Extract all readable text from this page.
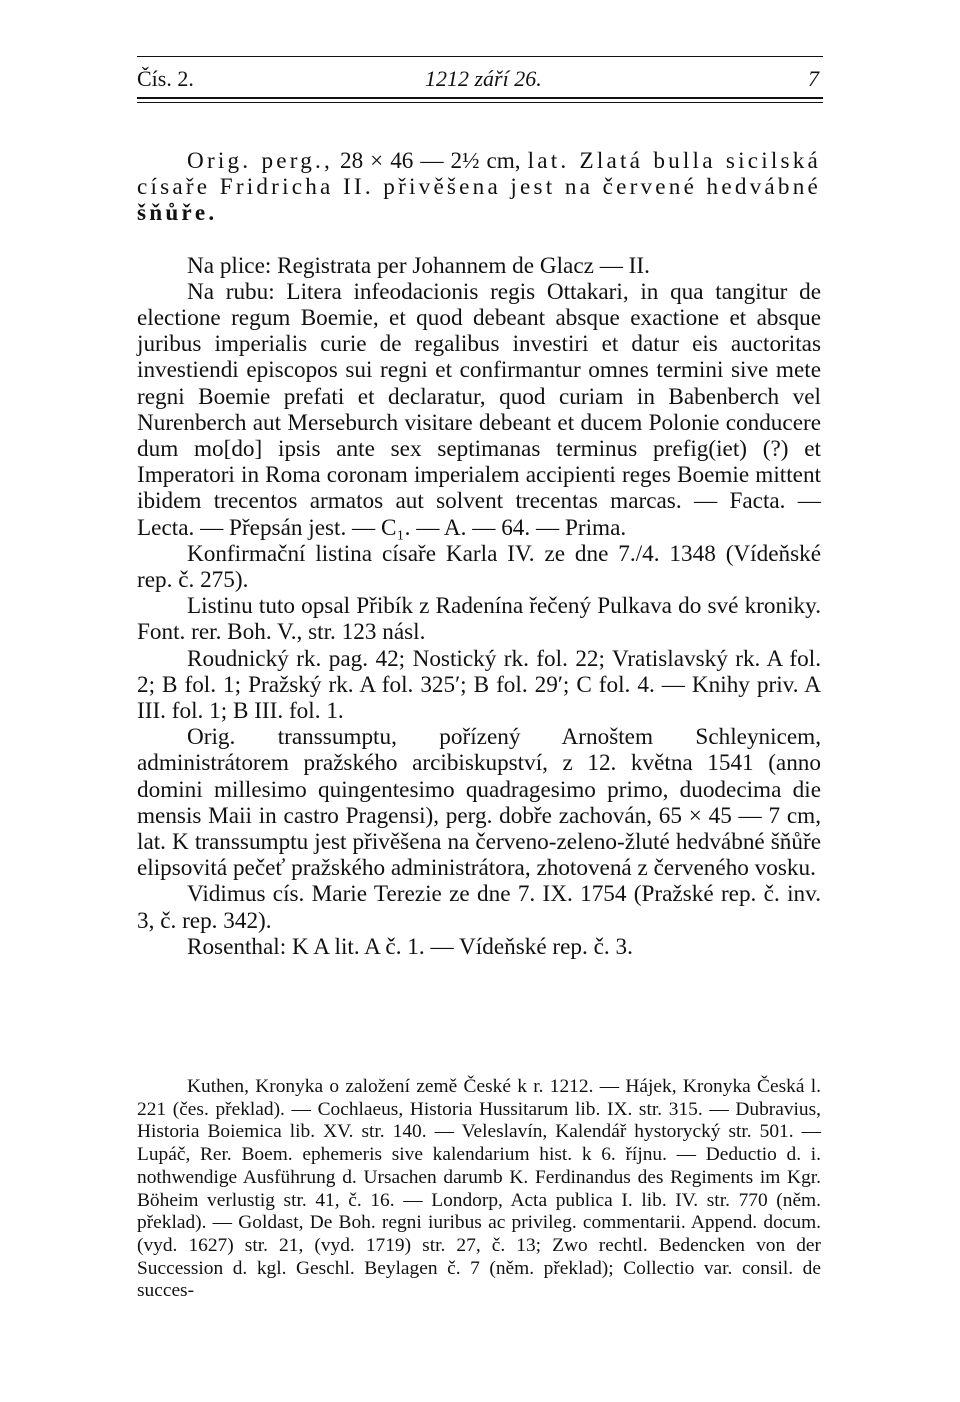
Čís. 2.	1212 září 26.	7

Orig. perg., 28 × 46 — 2½ cm, lat. Zlatá bulla sicilská císaře Fridricha II. přivěšena jest na červené hedvábné šňůře.

Na plice: Registrata per Johannem de Glacz — II.

Na rubu: Litera infeodacionis regis Ottakari, in qua tangitur de electione regum Boemie, et quod debeant absque exactione et absque juribus imperialis curie de regalibus investiri et datur eis auctoritas investiendi episcopos sui regni et confirmantur omnes termini sive mete regni Boemie prefati et declaratur, quod curiam in Babenberch vel Nurenberch aut Merseburch visitare debeant et ducem Polonie conducere dum mo[do] ipsis ante sex septimanas terminus prefig(iet) (?) et Imperatori in Roma coronam imperialem accipienti reges Boemie mittent ibidem trecentos armatos aut solvent trecentas marcas. — Facta. — Lecta. — Přepsán jest. — C₁. — A. — 64. — Prima.

Konfirmační listina císaře Karla IV. ze dne 7./4. 1348 (Vídeňské rep. č. 275).

Listinu tuto opsal Přibík z Radenína řečený Pulkava do své kroniky. Font. rer. Boh. V., str. 123 násl.

Roudnický rk. pag. 42; Nostický rk. fol. 22; Vratislavský rk. A fol. 2; B fol. 1; Pražský rk. A fol. 325′; B fol. 29′; C fol. 4. — Knihy priv. A III. fol. 1; B III. fol. 1.

Orig. transsumptu, pořízený Arnoštem Schleynicem, administrátorem pražského arcibiskupství, z 12. května 1541 (anno domini millesimo quingentesimo quadragesimo primo, duodecima die mensis Maii in castro Pragensi), perg. dobře zachován, 65 × 45 — 7 cm, lat. K transsumptu jest přivěšena na červeno-zeleno-žluté hedvábné šňůře elipsovitá pečeť pražského administrátora, zhotovená z červeného vosku.

Vidimus cís. Marie Terezie ze dne 7. IX. 1754 (Pražské rep. č. inv. 3, č. rep. 342).

Rosenthal: K A lit. A č. 1. — Vídeňské rep. č. 3.

Kuthen, Kronyka o založení země České k r. 1212. — Hájek, Kronyka Česká l. 221 (čes. překlad). — Cochlaeus, Historia Hussitarum lib. IX. str. 315. — Dubravius, Historia Boiemica lib. XV. str. 140. — Veleslavín, Kalendář hystorycký str. 501. — Lupáč, Rer. Boem. ephemeris sive kalendarium hist. k 6. říjnu. — Deductio d. i. nothwendige Ausführung d. Ursachen darumb K. Ferdinandus des Regiments im Kgr. Böheim verlustig str. 41, č. 16. — Londorp, Acta publica I. lib. IV. str. 770 (něm. překlad). — Goldast, De Boh. regni iuribus ac privileg. commentarii. Append. docum. (vyd. 1627) str. 21, (vyd. 1719) str. 27, č. 13; Zwo rechtl. Bedencken von der Succession d. kgl. Geschl. Beylagen č. 7 (něm. překlad); Collectio var. consil. de succes-
